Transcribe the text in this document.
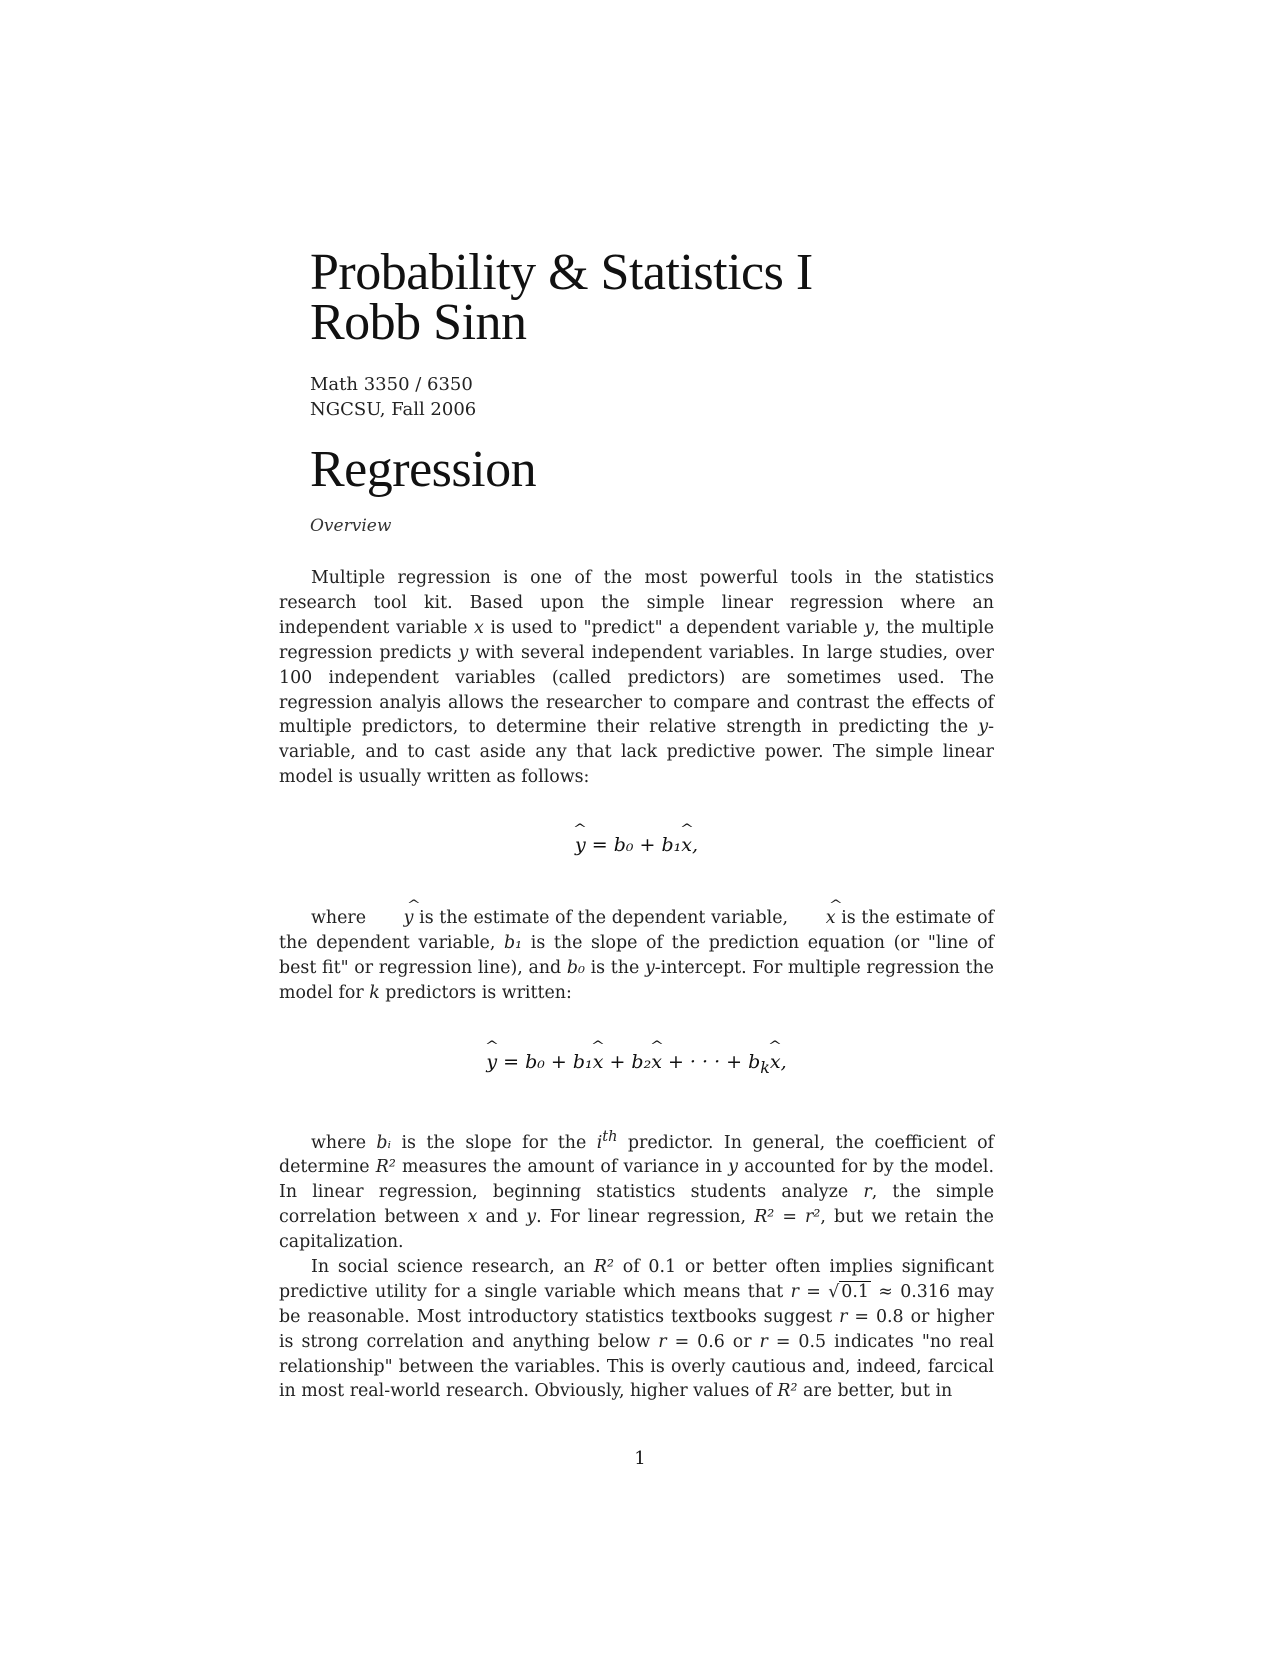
Probability & Statistics I
Robb Sinn
Math 3350 / 6350
NGCSU, Fall 2006
Regression
Overview

Multiple regression is one of the most powerful tools in the statistics research tool kit. Based upon the simple linear regression where an independent variable x is used to "predict" a dependent variable y, the multiple regression predicts y with several independent variables. In large studies, over 100 independent variables (called predictors) are sometimes used. The regression analyis allows the researcher to compare and contrast the effects of multiple predictors, to determine their relative strength in predicting the y-variable, and to cast aside any that lack predictive power. The simple linear model is usually written as follows:

^ y = b₀ + b₁^ x,

where ^ y is the estimate of the dependent variable, ^ x is the estimate of the dependent variable, b₁ is the slope of the prediction equation (or "line of best fit" or regression line), and b₀ is the y-intercept. For multiple regression the model for k predictors is written:

^ y = b₀ + b₁^ x + b₂^ x + · · · + $b_k\^{}$ x,

where bᵢ is the slope for the $i^{th}$ predictor. In general, the coefficient of determine R² measures the amount of variance in y accounted for by the model. In linear regression, beginning statistics students analyze r, the simple correlation between x and y. For linear regression, R² = r², but we retain the capitalization.

In social science research, an R² of 0.1 or better often implies significant predictive utility for a single variable which means that r = √ 0.1 ≈ 0.316 may be reasonable. Most introductory statistics textbooks suggest r = 0.8 or higher is strong correlation and anything below r = 0.6 or r = 0.5 indicates "no real relationship" between the variables. This is overly cautious and, indeed, farcical in most real-world research. Obviously, higher values of R² are better, but in

1
